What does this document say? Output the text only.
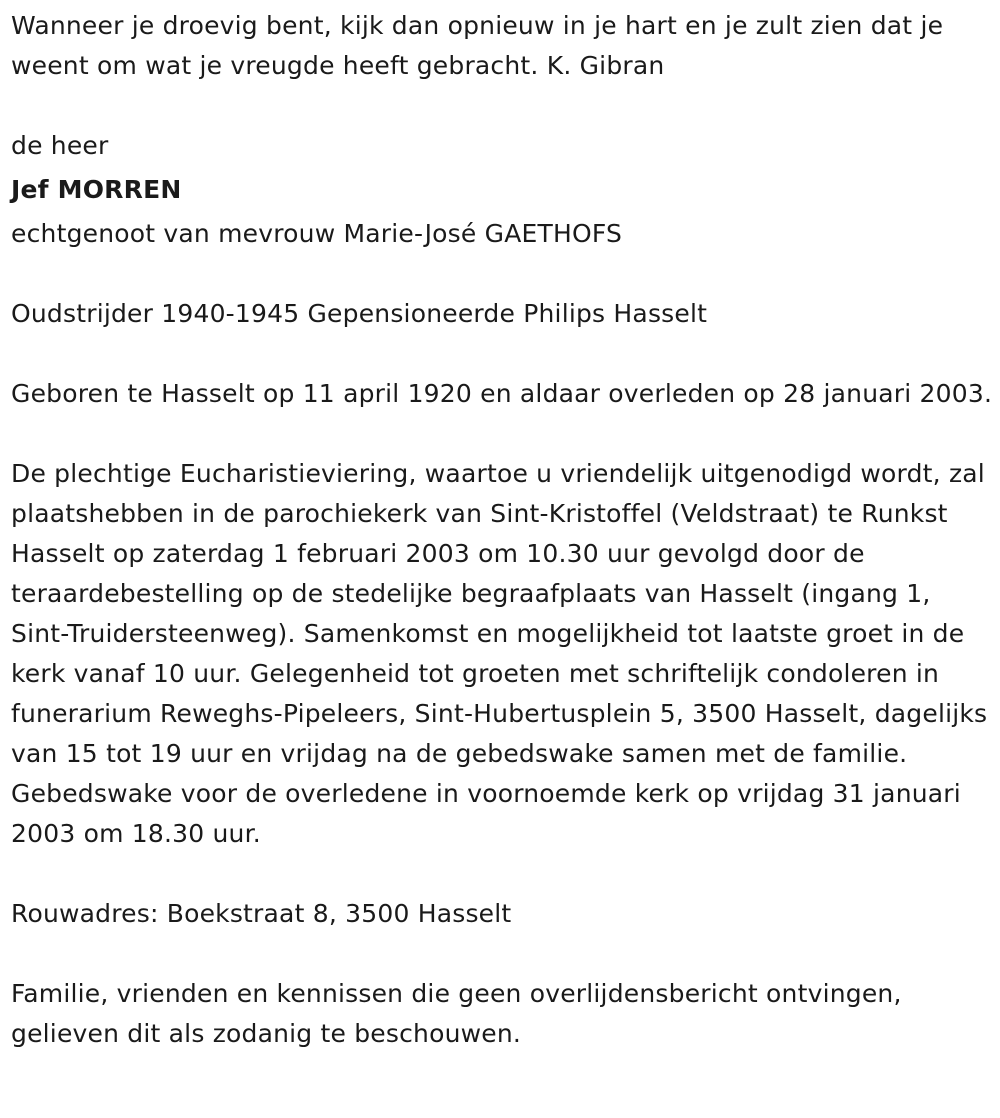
Wanneer je droevig bent, kijk dan opnieuw in je hart en je zult zien dat je weent om wat je vreugde heeft gebracht. K. Gibran

de heer

Jef MORREN

echtgenoot van mevrouw Marie-José GAETHOFS

Oudstrijder 1940-1945 Gepensioneerde Philips Hasselt

Geboren te Hasselt op 11 april 1920 en aldaar overleden op 28 januari 2003.

De plechtige Eucharistieviering, waartoe u vriendelijk uitgenodigd wordt, zal plaatshebben in de parochiekerk van Sint-Kristoffel (Veldstraat) te Runkst Hasselt op zaterdag 1 februari 2003 om 10.30 uur gevolgd door de teraardebestelling op de stedelijke begraafplaats van Hasselt (ingang 1, Sint-Truidersteenweg). Samenkomst en mogelijkheid tot laatste groet in de kerk vanaf 10 uur. Gelegenheid tot groeten met schriftelijk condoleren in funerarium Reweghs-Pipeleers, Sint-Hubertusplein 5, 3500 Hasselt, dagelijks van 15 tot 19 uur en vrijdag na de gebedswake samen met de familie. Gebedswake voor de overledene in voornoemde kerk op vrijdag 31 januari 2003 om 18.30 uur.

Rouwadres: Boekstraat 8, 3500 Hasselt

Familie, vrienden en kennissen die geen overlijdensbericht ontvingen, gelieven dit als zodanig te beschouwen.
